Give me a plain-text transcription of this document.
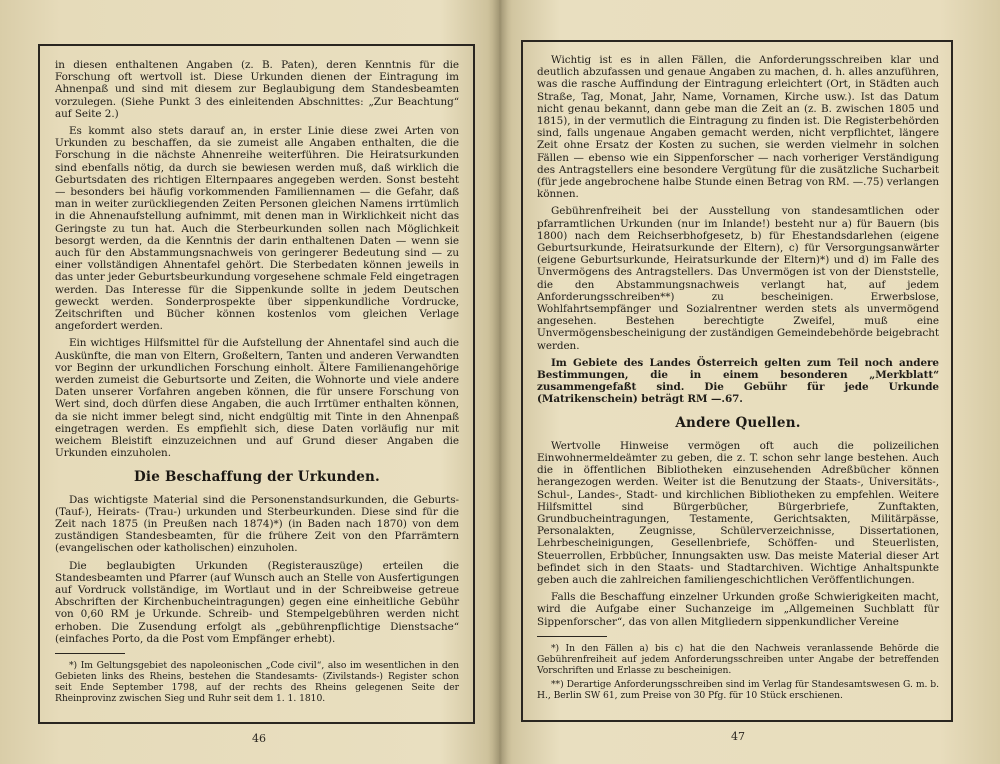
in diesen enthaltenen Angaben (z. B. Paten), deren Kenntnis für die Forschung oft wertvoll ist. Diese Urkunden dienen der Eintragung im Ahnenpaß und sind mit diesem zur Beglaubigung dem Standesbeamten vorzulegen. (Siehe Punkt 3 des einleitenden Abschnittes: „Zur Beachtung“ auf Seite 2.)

Es kommt also stets darauf an, in erster Linie diese zwei Arten von Urkunden zu beschaffen, da sie zumeist alle Angaben enthalten, die die Forschung in die nächste Ahnenreihe weiterführen. Die Heiratsurkunden sind ebenfalls nötig, da durch sie bewiesen werden muß, daß wirklich die Geburtsdaten des richtigen Elternpaares angegeben werden. Sonst besteht — besonders bei häufig vorkommenden Familiennamen — die Gefahr, daß man in weiter zurückliegenden Zeiten Personen gleichen Namens irrtümlich in die Ahnenaufstellung aufnimmt, mit denen man in Wirklichkeit nicht das Geringste zu tun hat. Auch die Sterbeurkunden sollen nach Möglichkeit besorgt werden, da die Kenntnis der darin enthaltenen Daten — wenn sie auch für den Abstammungsnachweis von geringerer Bedeutung sind — zu einer vollständigen Ahnentafel gehört. Die Sterbedaten können jeweils in das unter jeder Geburtsbeurkundung vorgesehene schmale Feld eingetragen werden. Das Interesse für die Sippenkunde sollte in jedem Deutschen geweckt werden. Sonderprospekte über sippenkundliche Vordrucke, Zeitschriften und Bücher können kostenlos vom gleichen Verlage angefordert werden.

Ein wichtiges Hilfsmittel für die Aufstellung der Ahnentafel sind auch die Auskünfte, die man von Eltern, Großeltern, Tanten und anderen Verwandten vor Beginn der urkundlichen Forschung einholt. Ältere Familienangehörige werden zumeist die Geburtsorte und Zeiten, die Wohnorte und viele andere Daten unserer Vorfahren angeben können, die für unsere Forschung von Wert sind, doch dürfen diese Angaben, die auch Irrtümer enthalten können, da sie nicht immer belegt sind, nicht endgültig mit Tinte in den Ahnenpaß eingetragen werden. Es empfiehlt sich, diese Daten vorläufig nur mit weichem Bleistift einzuzeichnen und auf Grund dieser Angaben die Urkunden einzuholen.

Die Beschaffung der Urkunden.

Das wichtigste Material sind die Personenstandsurkunden, die Geburts- (Tauf-), Heirats- (Trau-) urkunden und Sterbeurkunden. Diese sind für die Zeit nach 1875 (in Preußen nach 1874)*) (in Baden nach 1870) von dem zuständigen Standesbeamten, für die frühere Zeit von den Pfarrämtern (evangelischen oder katholischen) einzuholen.

Die beglaubigten Urkunden (Registerauszüge) erteilen die Standesbeamten und Pfarrer (auf Wunsch auch an Stelle von Ausfertigungen auf Vordruck vollständige, im Wortlaut und in der Schreibweise getreue Abschriften der Kirchenbucheintragungen) gegen eine einheitliche Gebühr von 0,60 RM je Urkunde. Schreib- und Stempelgebühren werden nicht erhoben. Die Zusendung erfolgt als „gebührenpflichtige Dienstsache“ (einfaches Porto, da die Post vom Empfänger erhebt).

*) Im Geltungsgebiet des napoleonischen „Code civil“, also im wesentlichen in den Gebieten links des Rheins, bestehen die Standesamts- (Zivilstands-) Register schon seit Ende September 1798, auf der rechts des Rheins gelegenen Seite der Rheinprovinz zwischen Sieg und Ruhr seit dem 1. 1. 1810.

46

Wichtig ist es in allen Fällen, die Anforderungsschreiben klar und deutlich abzufassen und genaue Angaben zu machen, d. h. alles anzuführen, was die rasche Auffindung der Eintragung erleichtert (Ort, in Städten auch Straße, Tag, Monat, Jahr, Name, Vornamen, Kirche usw.). Ist das Datum nicht genau bekannt, dann gebe man die Zeit an (z. B. zwischen 1805 und 1815), in der vermutlich die Eintragung zu finden ist. Die Registerbehörden sind, falls ungenaue Angaben gemacht werden, nicht verpflichtet, längere Zeit ohne Ersatz der Kosten zu suchen, sie werden vielmehr in solchen Fällen — ebenso wie ein Sippenforscher — nach vorheriger Verständigung des Antragstellers eine besondere Vergütung für die zusätzliche Sucharbeit (für jede angebrochene halbe Stunde einen Betrag von RM. —.75) verlangen können.

Gebührenfreiheit bei der Ausstellung von standesamtlichen oder pfarramtlichen Urkunden (nur im Inlande!) besteht nur a) für Bauern (bis 1800) nach dem Reichserbhofgesetz, b) für Ehestandsdarlehen (eigene Geburtsurkunde, Heiratsurkunde der Eltern), c) für Versorgungsanwärter (eigene Geburtsurkunde, Heiratsurkunde der Eltern)*) und d) im Falle des Unvermögens des Antragstellers. Das Unvermögen ist von der Dienststelle, die den Abstammungsnachweis verlangt hat, auf jedem Anforderungsschreiben**) zu bescheinigen. Erwerbslose, Wohlfahrtsempfänger und Sozialrentner werden stets als unvermögend angesehen. Bestehen berechtigte Zweifel, muß eine Unvermögensbescheinigung der zuständigen Gemeindebehörde beigebracht werden.

Im Gebiete des Landes Österreich gelten zum Teil noch andere Bestimmungen, die in einem besonderen „Merkblatt“ zusammengefaßt sind. Die Gebühr für jede Urkunde (Matrikenschein) beträgt RM —.67.

Andere Quellen.

Wertvolle Hinweise vermögen oft auch die polizeilichen Einwohnermeldeämter zu geben, die z. T. schon sehr lange bestehen. Auch die in öffentlichen Bibliotheken einzusehenden Adreßbücher können herangezogen werden. Weiter ist die Benutzung der Staats-, Universitäts-, Schul-, Landes-, Stadt- und kirchlichen Bibliotheken zu empfehlen. Weitere Hilfsmittel sind Bürgerbücher, Bürgerbriefe, Zunftakten, Grundbucheintragungen, Testamente, Gerichtsakten, Militärpässe, Personalakten, Zeugnisse, Schülerverzeichnisse, Dissertationen, Lehrbescheinigungen, Gesellenbriefe, Schöffen- und Steuerlisten, Steuerrollen, Erbbücher, Innungsakten usw. Das meiste Material dieser Art befindet sich in den Staats- und Stadtarchiven. Wichtige Anhaltspunkte geben auch die zahlreichen familiengeschichtlichen Veröffentlichungen.

Falls die Beschaffung einzelner Urkunden große Schwierigkeiten macht, wird die Aufgabe einer Suchanzeige im „Allgemeinen Suchblatt für Sippenforscher“, das von allen Mitgliedern sippenkundlicher Vereine

*) In den Fällen a) bis c) hat die den Nachweis veranlassende Behörde die Gebührenfreiheit auf jedem Anforderungsschreiben unter Angabe der betreffenden Vorschriften und Erlasse zu bescheinigen.

**) Derartige Anforderungsschreiben sind im Verlag für Standesamtswesen G. m. b. H., Berlin SW 61, zum Preise von 30 Pfg. für 10 Stück erschienen.

47
